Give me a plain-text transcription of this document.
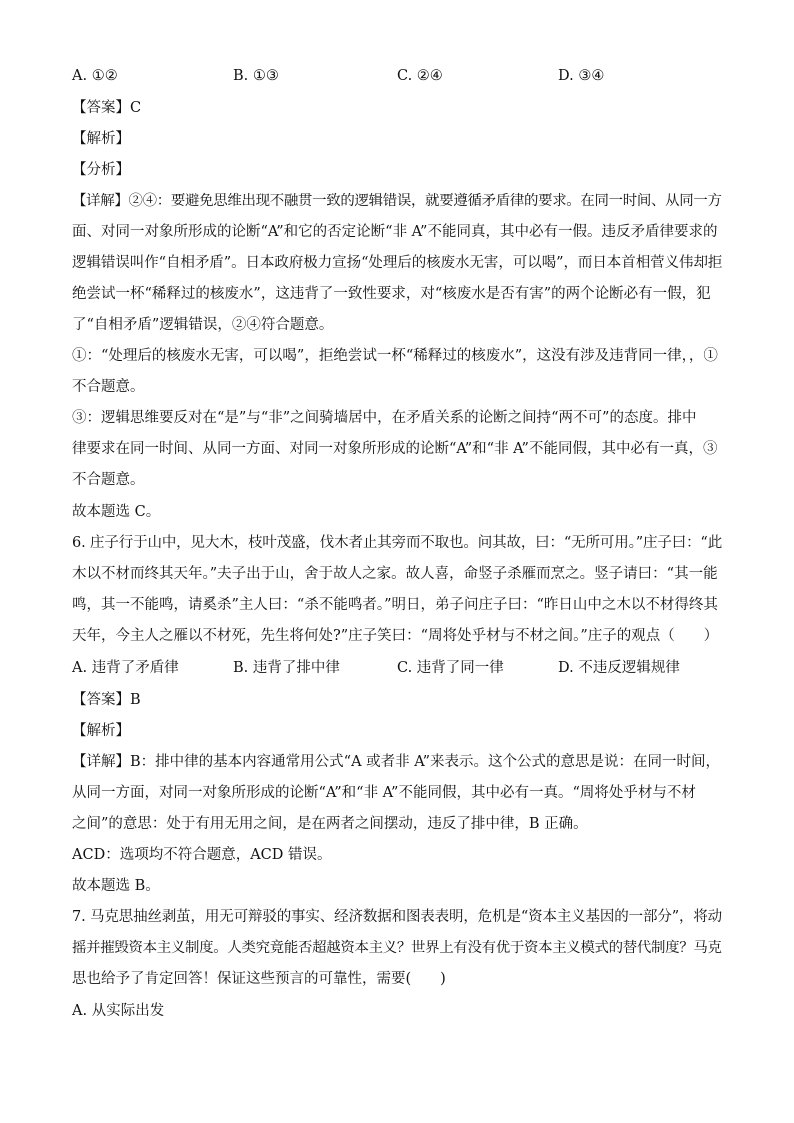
A. ①②	B. ①③	C. ②④	D. ③④
【答案】C
【解析】
【分析】
【详解】②④：要避免思维出现不融贯一致的逻辑错误，就要遵循矛盾律的要求。在同一时间、从同一方
面、对同一对象所形成的论断“A”和它的否定论断“非 A”不能同真，其中必有一假。违反矛盾律要求的
逻辑错误叫作“自相矛盾”。日本政府极力宣扬“处理后的核废水无害，可以喝”，而日本首相菅义伟却拒
绝尝试一杯“稀释过的核废水”，这违背了一致性要求，对“核废水是否有害”的两个论断必有一假，犯
了“自相矛盾”逻辑错误，②④符合题意。
①：“处理后的核废水无害，可以喝”，拒绝尝试一杯“稀释过的核废水”，这没有涉及违背同一律，，①
不合题意。
③：逻辑思维要反对在“是”与“非”之间骑墙居中，在矛盾关系的论断之间持“两不可”的态度。排中
律要求在同一时间、从同一方面、对同一对象所形成的论断“A”和“非 A”不能同假，其中必有一真，③
不合题意。
故本题选 C。
6. 庄子行于山中，见大木，枝叶茂盛，伐木者止其旁而不取也。问其故，曰：“无所可用。”庄子曰：“此
木以不材而终其天年。”夫子出于山，舍于故人之家。故人喜，命竖子杀雁而烹之。竖子请曰：“其一能
鸣，其一不能鸣，请奚杀”主人曰：“杀不能鸣者。”明日，弟子问庄子曰：“昨日山中之木以不材得终其
天年，今主人之雁以不材死，先生将何处?”庄子笑曰：“周将处乎材与不材之间。”庄子的观点（　　）
A. 违背了矛盾律	B. 违背了排中律	C. 违背了同一律	D. 不违反逻辑规律
【答案】B
【解析】
【详解】B：排中律的基本内容通常用公式“A 或者非 A”来表示。这个公式的意思是说：在同一时间，
从同一方面，对同一对象所形成的论断“A”和“非 A”不能同假，其中必有一真。“周将处乎材与不材
之间”的意思：处于有用无用之间，是在两者之间摆动，违反了排中律，B 正确。
ACD：选项均不符合题意，ACD 错误。
故本题选 B。
7. 马克思抽丝剥茧，用无可辩驳的事实、经济数据和图表表明，危机是“资本主义基因的一部分”，将动
摇并摧毁资本主义制度。人类究竟能否超越资本主义？世界上有没有优于资本主义模式的替代制度？马克
思也给予了肯定回答！保证这些预言的可靠性，需要(　　)
A. 从实际出发
